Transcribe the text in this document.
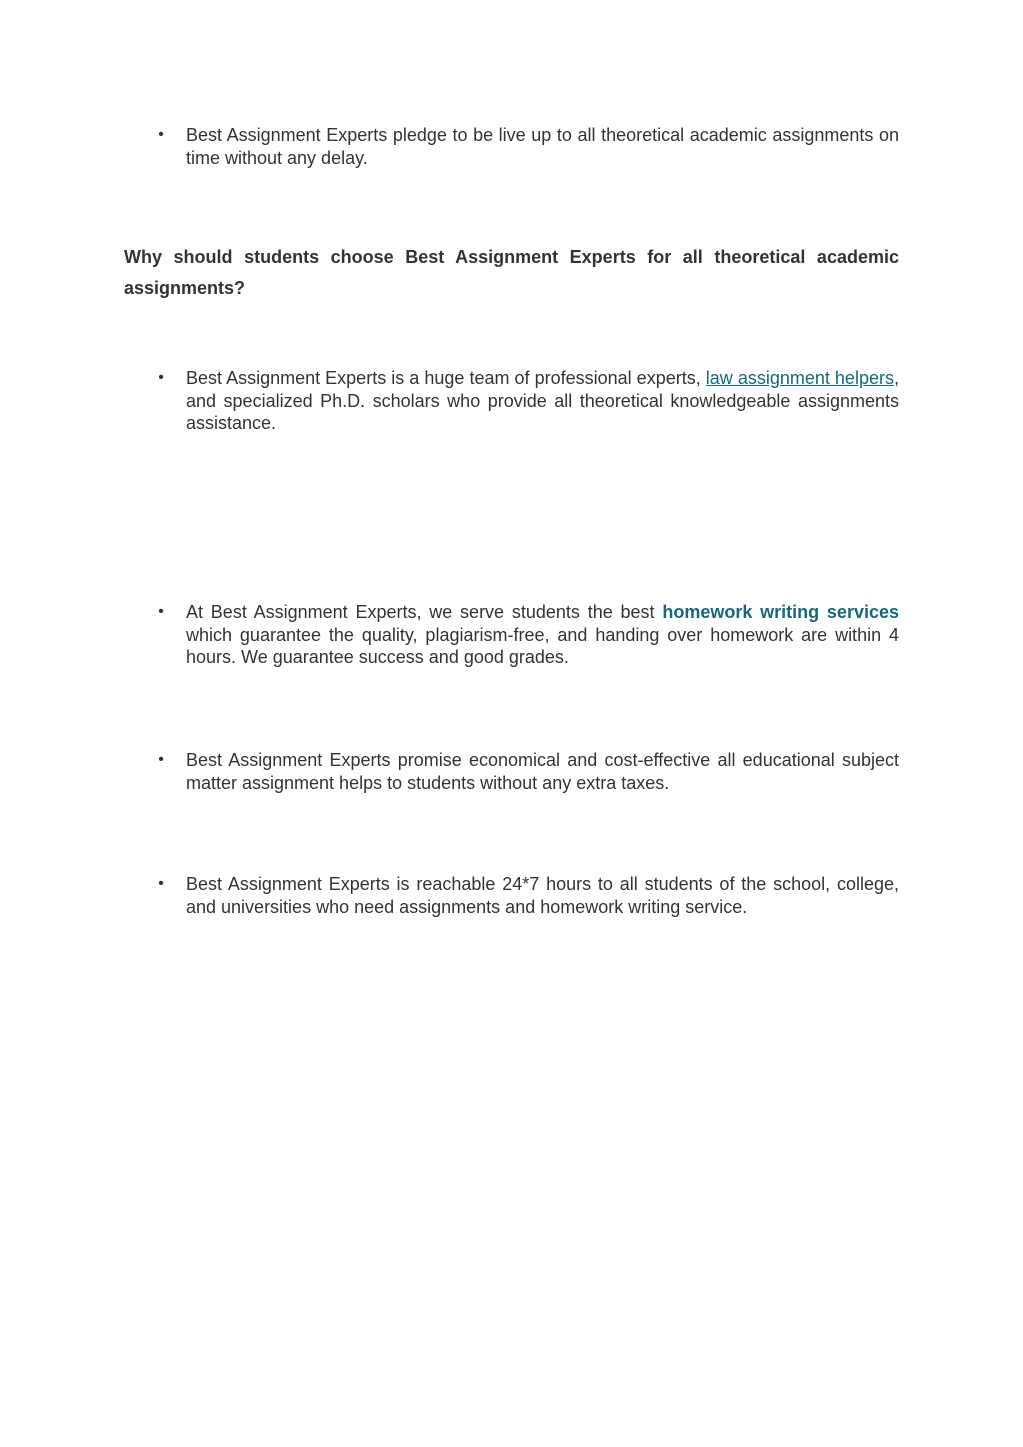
• Best Assignment Experts pledge to be live up to all theoretical academic assignments on time without any delay.
Why should students choose Best Assignment Experts for all theoretical academic assignments?
• Best Assignment Experts is a huge team of professional experts, law assignment helpers, and specialized Ph.D. scholars who provide all theoretical knowledgeable assignments assistance.
• At Best Assignment Experts, we serve students the best homework writing services which guarantee the quality, plagiarism-free, and handing over homework are within 4 hours. We guarantee success and good grades.
• Best Assignment Experts promise economical and cost-effective all educational subject matter assignment helps to students without any extra taxes.
• Best Assignment Experts is reachable 24*7 hours to all students of the school, college, and universities who need assignments and homework writing service.
